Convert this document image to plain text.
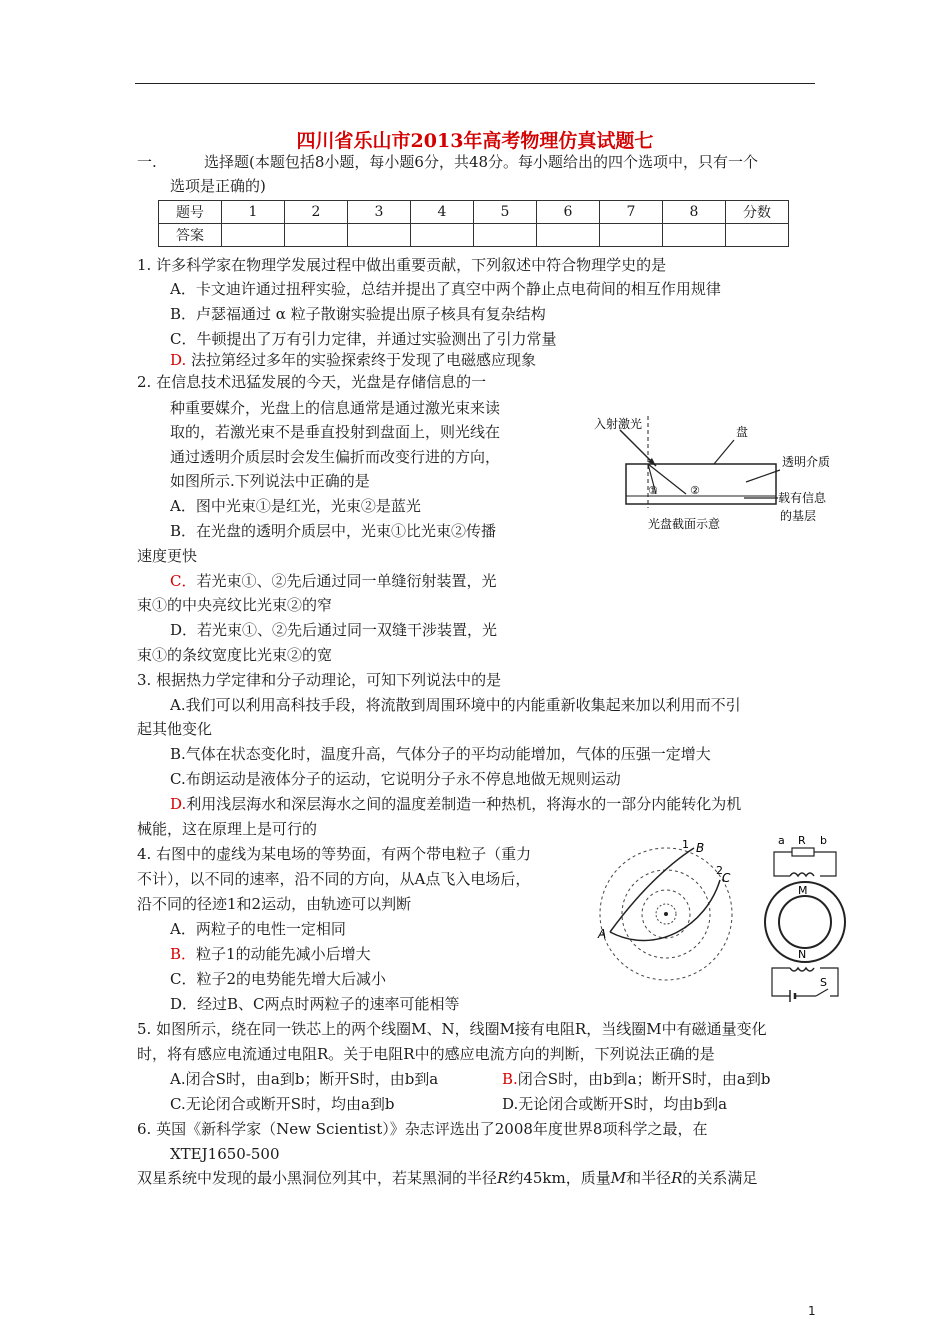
四川省乐山市2013年高考物理仿真试题七
一.	选择题(本题包括8小题，每小题6分，共48分。每小题给出的四个选项中，只有一个
选项是正确的)
题号	1	2	3	4	5	6	7	8	分数
答案									
1. 许多科学家在物理学发展过程中做出重要贡献，下列叙述中符合物理学史的是
A．卡文迪许通过扭秤实验，总结并提出了真空中两个静止点电荷间的相互作用规律
B．卢瑟福通过 α 粒子散谢实验提出原子核具有复杂结构
C．牛顿提出了万有引力定律，并通过实验测出了引力常量
D. 法拉第经过多年的实验探索终于发现了电磁感应现象
2. 在信息技术迅猛发展的今天，光盘是存储信息的一
种重要媒介，光盘上的信息通常是通过激光束来读
取的，若激光束不是垂直投射到盘面上，则光线在
通过透明介质层时会发生偏折而改变行进的方向，
如图所示.下列说法中正确的是
A．图中光束①是红光，光束②是蓝光
B．在光盘的透明介质层中，光束①比光束②传播
速度更快
C．若光束①、②先后通过同一单缝衍射装置，光
束①的中央亮纹比光束②的窄
D．若光束①、②先后通过同一双缝干涉装置，光
束①的条纹宽度比光束②的宽
入射激光
盘
①	②
透明介质
载有信息
的基层
光盘截面示意
3. 根据热力学定律和分子动理论，可知下列说法中的是
A.我们可以利用高科技手段，将流散到周围环境中的内能重新收集起来加以利用而不引
起其他变化
B.气体在状态变化时，温度升高，气体分子的平均动能增加，气体的压强一定增大
C.布朗运动是液体分子的运动，它说明分子永不停息地做无规则运动
D.利用浅层海水和深层海水之间的温度差制造一种热机，将海水的一部分内能转化为机
械能，这在原理上是可行的
4. 右图中的虚线为某电场的等势面，有两个带电粒子（重力
不计），以不同的速率，沿不同的方向，从A点飞入电场后，
沿不同的径迹1和2运动，由轨迹可以判断
A．两粒子的电性一定相同
B．粒子1的动能先减小后增大
C．粒子2的电势能先增大后减小
D．经过B、C两点时两粒子的速率可能相等
A
B
1
C
2
a R b
M
N
S
5. 如图所示，绕在同一铁芯上的两个线圈M、N，线圈M接有电阻R，当线圈M中有磁通量变化
时，将有感应电流通过电阻R。关于电阻R中的感应电流方向的判断，下列说法正确的是
A.闭合S时，由a到b；断开S时，由b到a	B.闭合S时，由b到a；断开S时，由a到b
C.无论闭合或断开S时，均由a到b	D.无论闭合或断开S时，均由b到a
6. 英国《新科学家（New Scientist）》杂志评选出了2008年度世界8项科学之最，在
XTEJ1650-500
双星系统中发现的最小黑洞位列其中，若某黑洞的半径R约45km，质量M和半径R的关系满足
1
